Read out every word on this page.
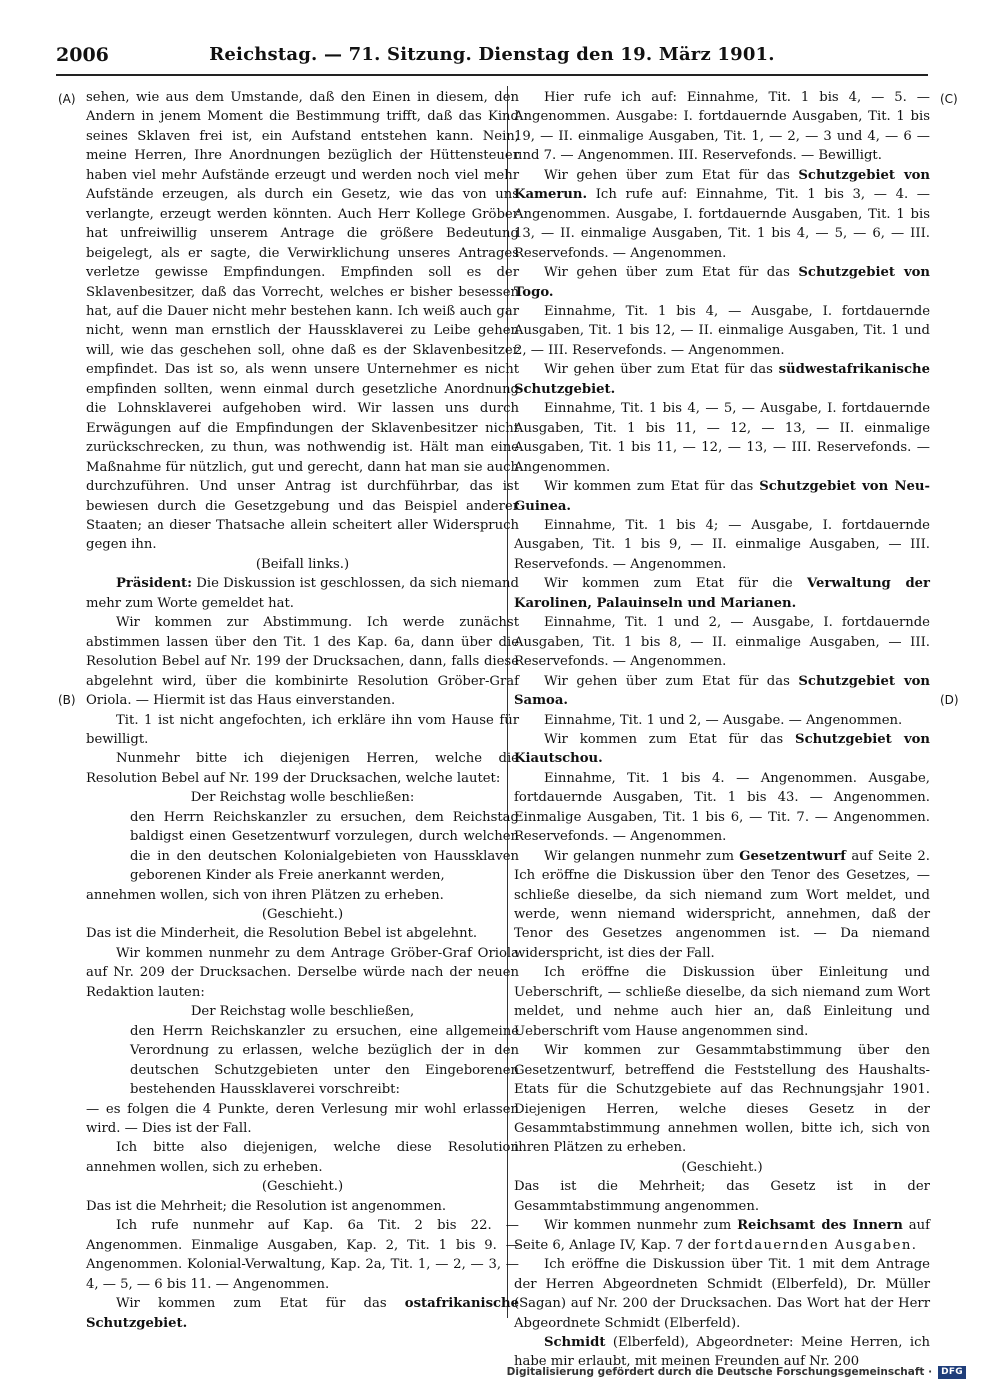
2006	Reichstag. — 71. Sitzung. Dienstag den 19. März 1901.
(A)
(B)
(C)
(D)

sehen, wie aus dem Umstande, daß den Einen in diesem, den Andern in jenem Moment die Bestimmung trifft, daß das Kind seines Sklaven frei ist, ein Aufstand entstehen kann. Nein, meine Herren, Ihre Anordnungen bezüglich der Hüttensteuer haben viel mehr Aufstände erzeugt und werden noch viel mehr Aufstände erzeugen, als durch ein Gesetz, wie das von uns verlangte, erzeugt werden könnten. Auch Herr Kollege Gröber hat unfreiwillig unserem Antrage die größere Bedeutung beigelegt, als er sagte, die Verwirklichung unseres Antrages verletze gewisse Empfindungen. Empfinden soll es der Sklavenbesitzer, daß das Vorrecht, welches er bisher besessen hat, auf die Dauer nicht mehr bestehen kann. Ich weiß auch gar nicht, wenn man ernstlich der Haussklaverei zu Leibe gehen will, wie das geschehen soll, ohne daß es der Sklavenbesitzer empfindet. Das ist so, als wenn unsere Unternehmer es nicht empfinden sollten, wenn einmal durch gesetzliche Anordnung die Lohnsklaverei aufgehoben wird. Wir lassen uns durch Erwägungen auf die Empfindungen der Sklavenbesitzer nicht zurückschrecken, zu thun, was nothwendig ist. Hält man eine Maßnahme für nützlich, gut und gerecht, dann hat man sie auch durchzuführen. Und unser Antrag ist durchführbar, das ist bewiesen durch die Gesetzgebung und das Beispiel anderer Staaten; an dieser Thatsache allein scheitert aller Widerspruch gegen ihn.

(Beifall links.)

Präsident: Die Diskussion ist geschlossen, da sich niemand mehr zum Worte gemeldet hat.

Wir kommen zur Abstimmung. Ich werde zunächst abstimmen lassen über den Tit. 1 des Kap. 6a, dann über die Resolution Bebel auf Nr. 199 der Drucksachen, dann, falls diese abgelehnt wird, über die kombinirte Resolution Gröber-Graf Oriola. — Hiermit ist das Haus einverstanden.

Tit. 1 ist nicht angefochten, ich erkläre ihn vom Hause für bewilligt.

Nunmehr bitte ich diejenigen Herren, welche die Resolution Bebel auf Nr. 199 der Drucksachen, welche lautet:

Der Reichstag wolle beschließen:

den Herrn Reichskanzler zu ersuchen, dem Reichstag baldigst einen Gesetzentwurf vorzulegen, durch welchen die in den deutschen Kolonialgebieten von Haussklaven geborenen Kinder als Freie anerkannt werden,

annehmen wollen, sich von ihren Plätzen zu erheben.

(Geschieht.)

Das ist die Minderheit, die Resolution Bebel ist abgelehnt.

Wir kommen nunmehr zu dem Antrage Gröber-Graf Oriola auf Nr. 209 der Drucksachen. Derselbe würde nach der neuen Redaktion lauten:

Der Reichstag wolle beschließen,

den Herrn Reichskanzler zu ersuchen, eine allgemeine Verordnung zu erlassen, welche bezüglich der in den deutschen Schutzgebieten unter den Eingeborenen bestehenden Haussklaverei vorschreibt:

— es folgen die 4 Punkte, deren Verlesung mir wohl erlassen wird. — Dies ist der Fall.

Ich bitte also diejenigen, welche diese Resolution annehmen wollen, sich zu erheben.

(Geschieht.)

Das ist die Mehrheit; die Resolution ist angenommen.

Ich rufe nunmehr auf Kap. 6a Tit. 2 bis 22. — Angenommen. Einmalige Ausgaben, Kap. 2, Tit. 1 bis 9. — Angenommen. Kolonial-Verwaltung, Kap. 2a, Tit. 1, — 2, — 3, — 4, — 5, — 6 bis 11. — Angenommen.

Wir kommen zum Etat für das ostafrikanische Schutzgebiet.

Hier rufe ich auf: Einnahme, Tit. 1 bis 4, — 5. — Angenommen. Ausgabe: I. fortdauernde Ausgaben, Tit. 1 bis 19, — II. einmalige Ausgaben, Tit. 1, — 2, — 3 und 4, — 6 — und 7. — Angenommen. III. Reservefonds. — Bewilligt.

Wir gehen über zum Etat für das Schutzgebiet von Kamerun. Ich rufe auf: Einnahme, Tit. 1 bis 3, — 4. — Angenommen. Ausgabe, I. fortdauernde Ausgaben, Tit. 1 bis 13, — II. einmalige Ausgaben, Tit. 1 bis 4, — 5, — 6, — III. Reservefonds. — Angenommen.

Wir gehen über zum Etat für das Schutzgebiet von Togo.

Einnahme, Tit. 1 bis 4, — Ausgabe, I. fortdauernde Ausgaben, Tit. 1 bis 12, — II. einmalige Ausgaben, Tit. 1 und 2, — III. Reservefonds. — Angenommen.

Wir gehen über zum Etat für das südwestafrikanische Schutzgebiet.

Einnahme, Tit. 1 bis 4, — 5, — Ausgabe, I. fortdauernde Ausgaben, Tit. 1 bis 11, — 12, — 13, — II. einmalige Ausgaben, Tit. 1 bis 11, — 12, — 13, — III. Reservefonds. — Angenommen.

Wir kommen zum Etat für das Schutzgebiet von Neu-Guinea.

Einnahme, Tit. 1 bis 4; — Ausgabe, I. fortdauernde Ausgaben, Tit. 1 bis 9, — II. einmalige Ausgaben, — III. Reservefonds. — Angenommen.

Wir kommen zum Etat für die Verwaltung der Karolinen, Palauinseln und Marianen.

Einnahme, Tit. 1 und 2, — Ausgabe, I. fortdauernde Ausgaben, Tit. 1 bis 8, — II. einmalige Ausgaben, — III. Reservefonds. — Angenommen.

Wir gehen über zum Etat für das Schutzgebiet von Samoa.

Einnahme, Tit. 1 und 2, — Ausgabe. — Angenommen.

Wir kommen zum Etat für das Schutzgebiet von Kiautschou.

Einnahme, Tit. 1 bis 4. — Angenommen. Ausgabe, fortdauernde Ausgaben, Tit. 1 bis 43. — Angenommen. Einmalige Ausgaben, Tit. 1 bis 6, — Tit. 7. — Angenommen. Reservefonds. — Angenommen.

Wir gelangen nunmehr zum Gesetzentwurf auf Seite 2. Ich eröffne die Diskussion über den Tenor des Gesetzes, — schließe dieselbe, da sich niemand zum Wort meldet, und werde, wenn niemand widerspricht, annehmen, daß der Tenor des Gesetzes angenommen ist. — Da niemand widerspricht, ist dies der Fall.

Ich eröffne die Diskussion über Einleitung und Ueberschrift, — schließe dieselbe, da sich niemand zum Wort meldet, und nehme auch hier an, daß Einleitung und Ueberschrift vom Hause angenommen sind.

Wir kommen zur Gesammtabstimmung über den Gesetzentwurf, betreffend die Feststellung des Haushalts-Etats für die Schutzgebiete auf das Rechnungsjahr 1901. Diejenigen Herren, welche dieses Gesetz in der Gesammtabstimmung annehmen wollen, bitte ich, sich von ihren Plätzen zu erheben.

(Geschieht.)

Das ist die Mehrheit; das Gesetz ist in der Gesammtabstimmung angenommen.

Wir kommen nunmehr zum Reichsamt des Innern auf Seite 6, Anlage IV, Kap. 7 der fortdauernden Ausgaben.

Ich eröffne die Diskussion über Tit. 1 mit dem Antrage der Herren Abgeordneten Schmidt (Elberfeld), Dr. Müller (Sagan) auf Nr. 200 der Drucksachen. Das Wort hat der Herr Abgeordnete Schmidt (Elberfeld).

Schmidt (Elberfeld), Abgeordneter: Meine Herren, ich habe mir erlaubt, mit meinen Freunden auf Nr. 200

Digitalisierung gefördert durch die Deutsche Forschungsgemeinschaft ·	DFG
